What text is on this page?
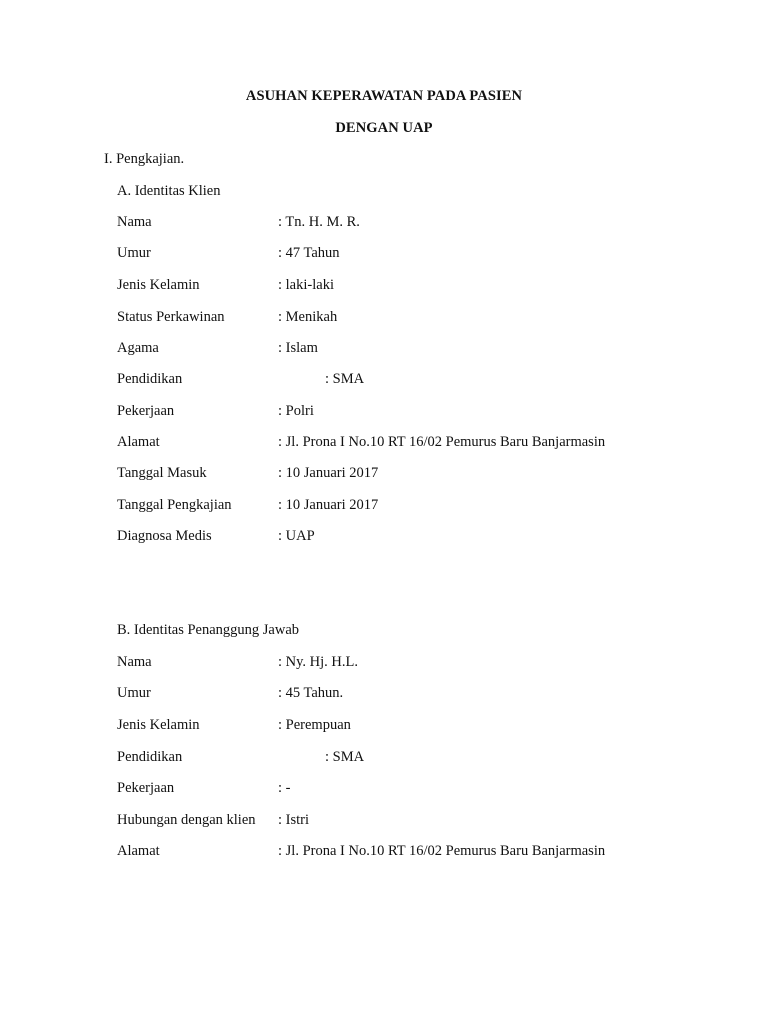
ASUHAN KEPERAWATAN PADA PASIEN
DENGAN UAP
I. Pengkajian.
A. Identitas Klien
Nama	: Tn. H. M. R.
Umur	: 47 Tahun
Jenis Kelamin	: laki-laki
Status Perkawinan	: Menikah
Agama	: Islam
Pendidikan	: SMA
Pekerjaan	: Polri
Alamat	: Jl. Prona I No.10 RT 16/02 Pemurus Baru Banjarmasin
Tanggal Masuk	: 10 Januari 2017
Tanggal Pengkajian	: 10 Januari 2017
Diagnosa Medis	: UAP
B. Identitas Penanggung Jawab
Nama	: Ny. Hj. H.L.
Umur	: 45 Tahun.
Jenis Kelamin	: Perempuan
Pendidikan	: SMA
Pekerjaan	: -
Hubungan dengan klien : Istri
Alamat	: Jl. Prona I No.10 RT 16/02 Pemurus Baru Banjarmasin
